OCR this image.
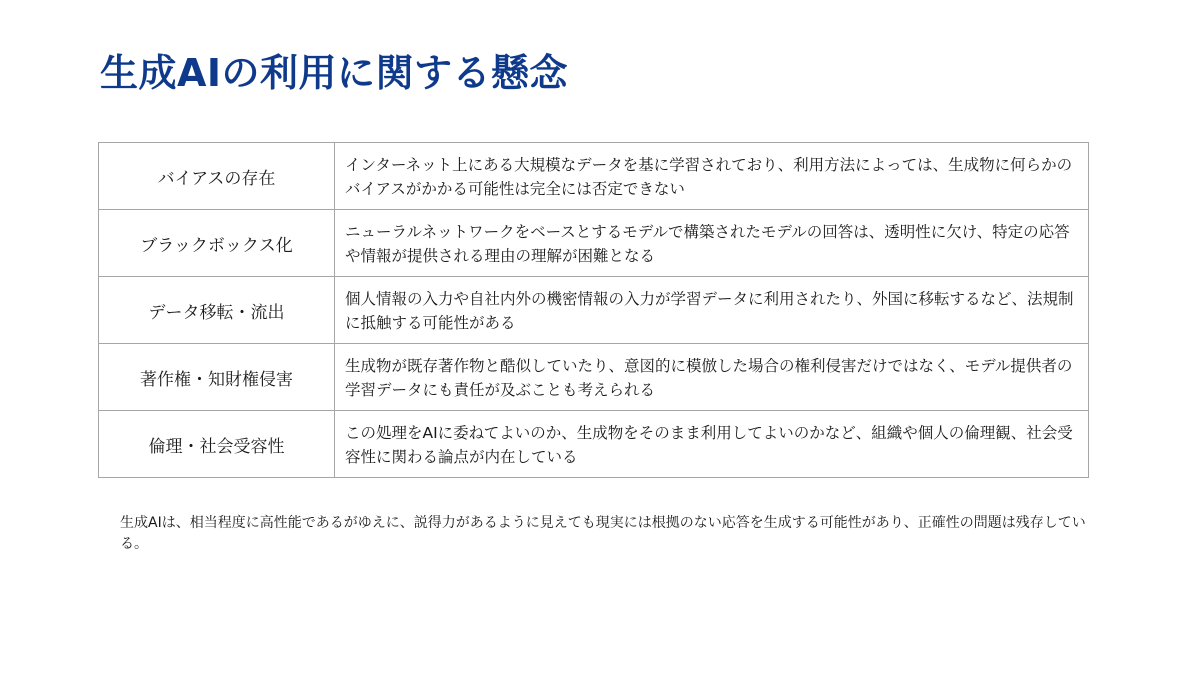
生成AIの利用に関する懸念
バイアスの存在	インターネット上にある大規模なデータを基に学習されており、利用方法によっては、生成物に何らかのバイアスがかかる可能性は完全には否定できない
ブラックボックス化	ニューラルネットワークをベースとするモデルで構築されたモデルの回答は、透明性に欠け、特定の応答や情報が提供される理由の理解が困難となる
データ移転・流出	個人情報の入力や自社内外の機密情報の入力が学習データに利用されたり、外国に移転するなど、法規制に抵触する可能性がある
著作権・知財権侵害	生成物が既存著作物と酷似していたり、意図的に模倣した場合の権利侵害だけではなく、モデル提供者の学習データにも責任が及ぶことも考えられる
倫理・社会受容性	この処理をAIに委ねてよいのか、生成物をそのまま利用してよいのかなど、組織や個人の倫理観、社会受容性に関わる論点が内在している

生成AIは、相当程度に高性能であるがゆえに、説得力があるように見えても現実には根拠のない応答を生成する可能性があり、正確性の問題は残存している。
